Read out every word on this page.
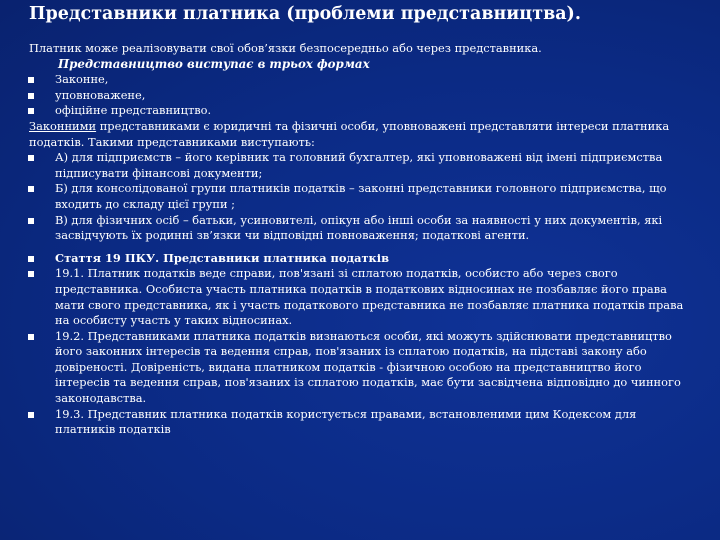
Представники платника (проблеми представництва).

Платник може реалізовувати свої обов’язки безпосередньо або через представника.

Представництво виступає в трьох формах

Законне,

уповноважене,

офіційне представництво.

Законними представниками є юридичні та фізичні особи, уповноважені представляти інтереси платника податків. Такими представниками виступають:

А) для підприємств – його керівник та головний бухгалтер, які уповноважені від імені підприємства підписувати фінансові документи;

Б) для консолідованої групи платників податків – законні представники головного підприємства, що входить до складу цієї групи ;

В) для фізичних осіб – батьки, усиновителі, опікун або інші особи за наявності у них документів, які засвідчують їх родинні зв’язки чи відповідні повноваження; податкові агенти.

Стаття 19 ПКУ. Представники платника податків

19.1. Платник податків веде справи, пов'язані зі сплатою податків, особисто або через свого представника. Особиста участь платника податків в податкових відносинах не позбавляє його права мати свого представника, як і участь податкового представника не позбавляє платника податків права на особисту участь у таких відносинах.

19.2. Представниками платника податків визнаються особи, які можуть здійснювати представництво його законних інтересів та ведення справ, пов'язаних із сплатою податків, на підставі закону або довіреності. Довіреність, видана платником податків - фізичною особою на представництво його інтересів та ведення справ, пов'язаних із сплатою податків, має бути засвідчена відповідно до чинного законодавства.

19.3. Представник платника податків користується правами, встановленими цим Кодексом для платників податків
